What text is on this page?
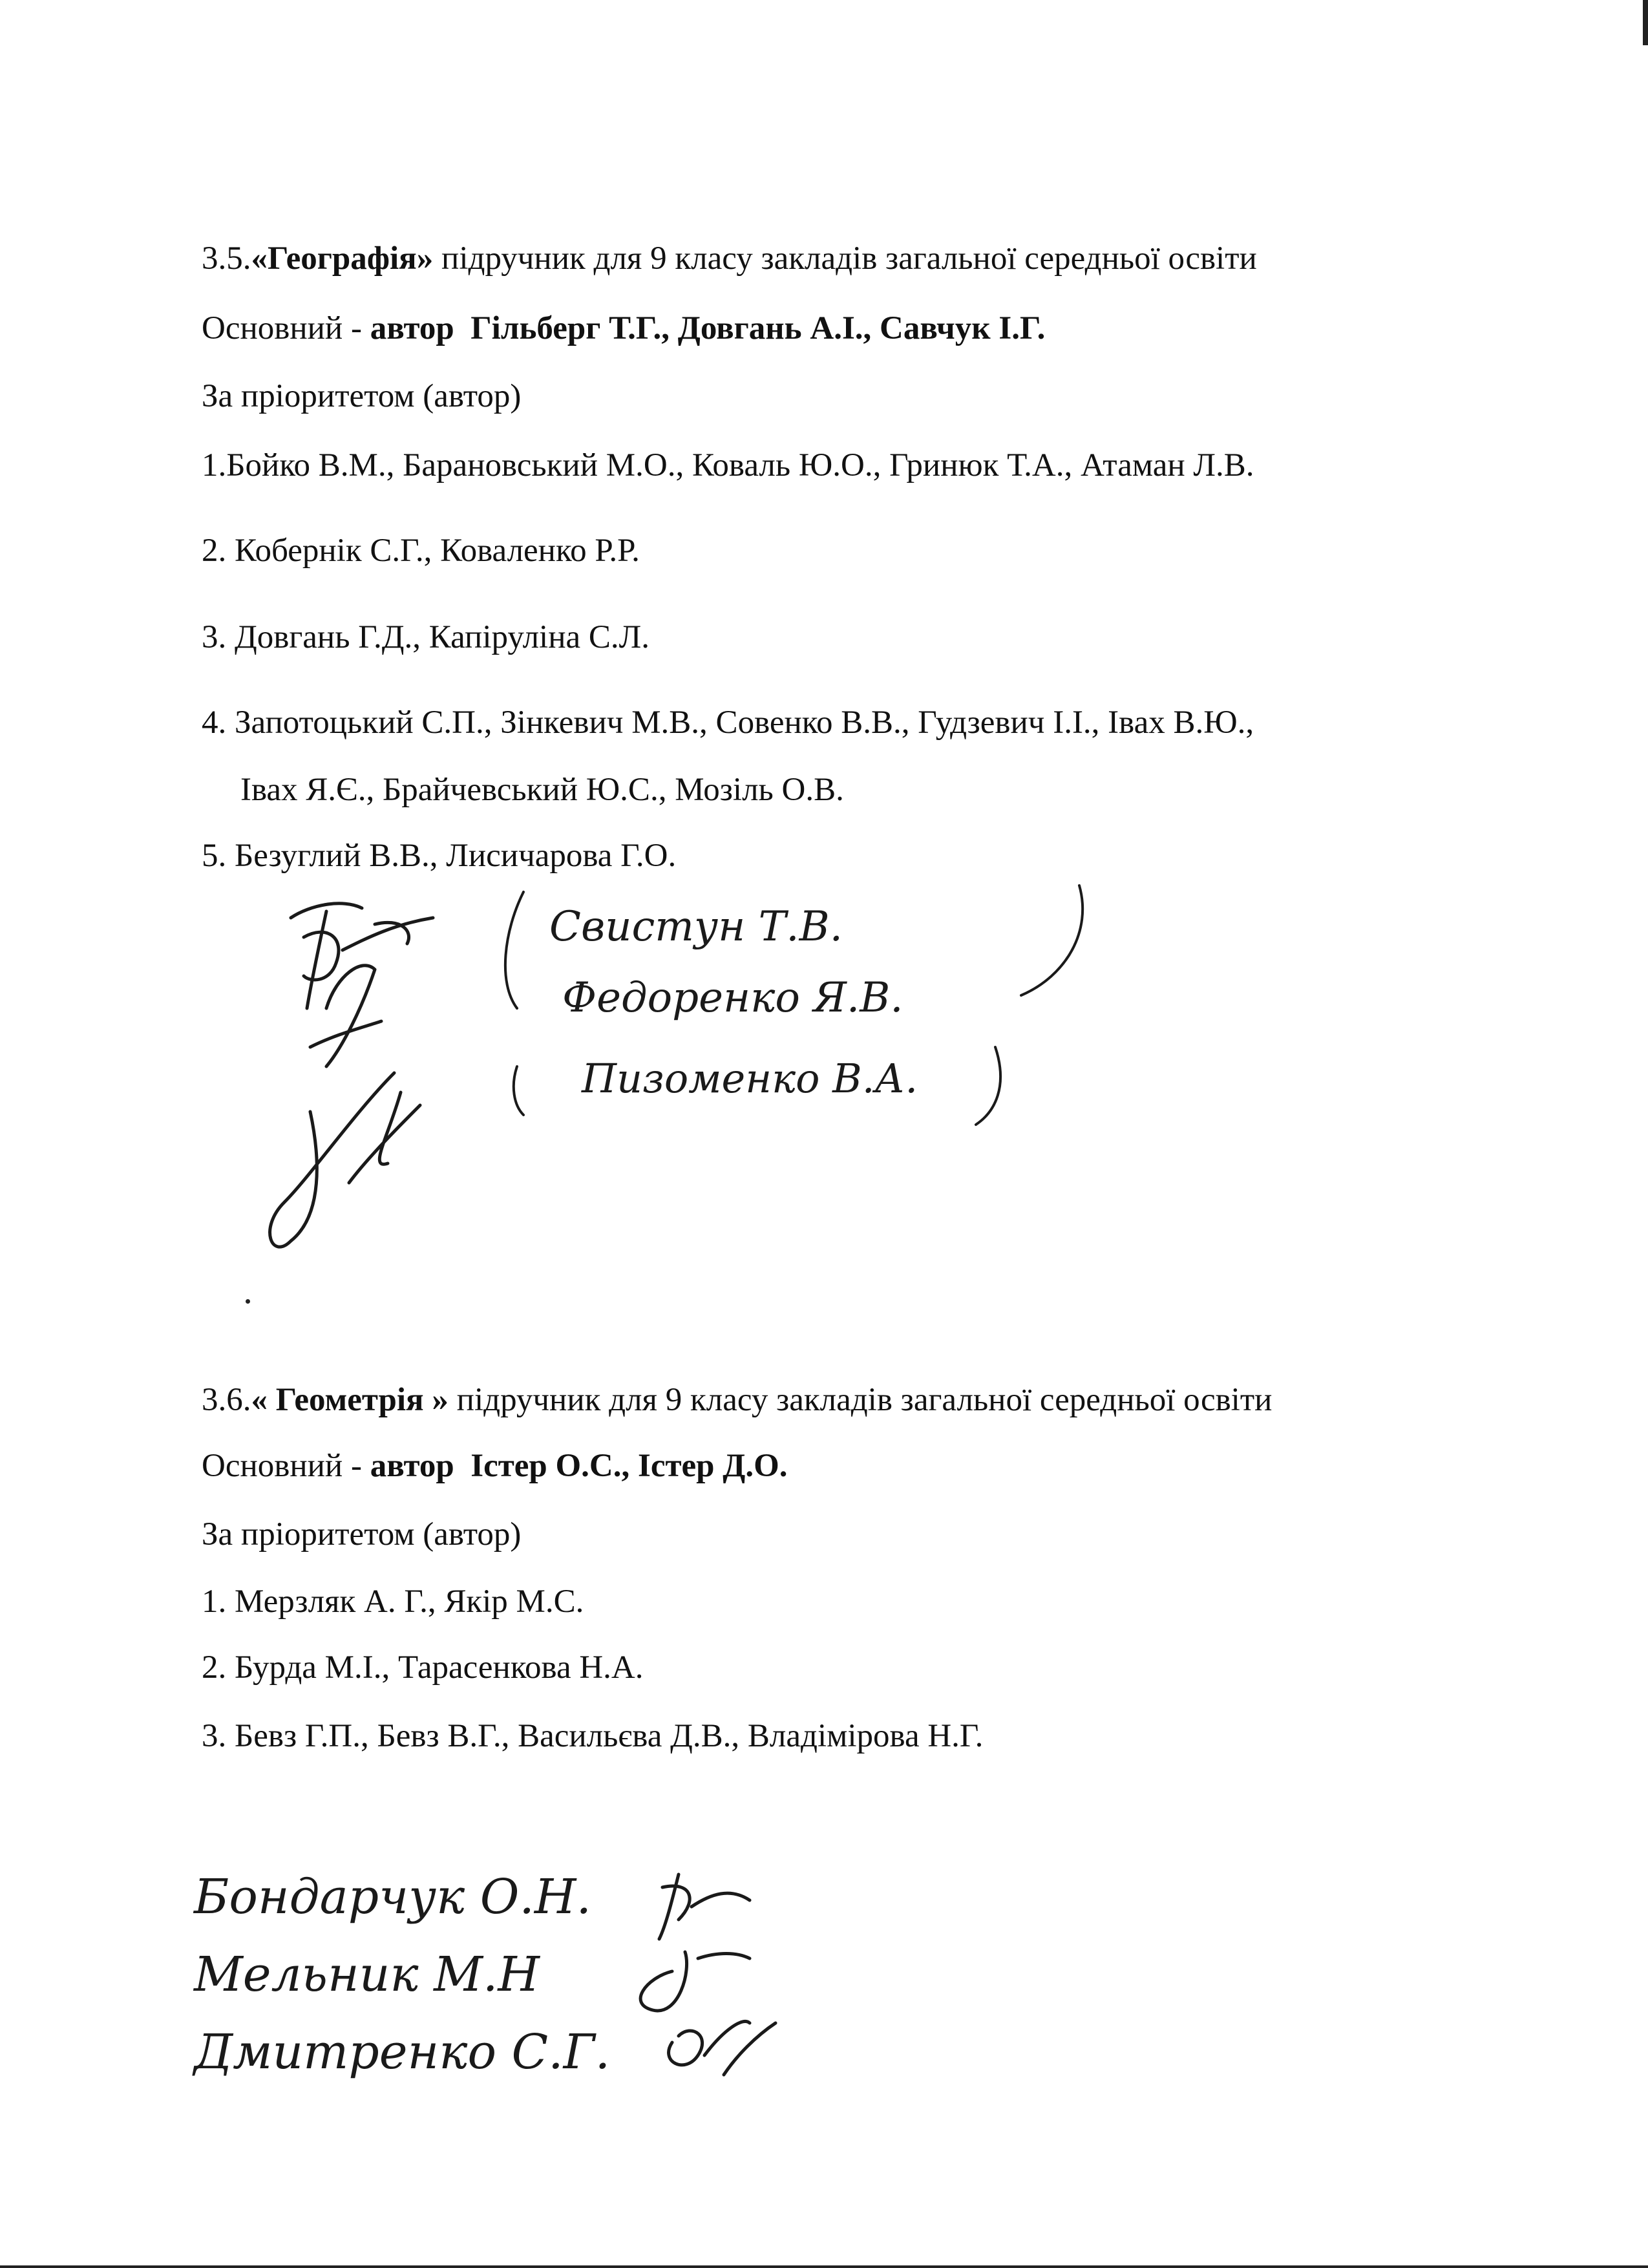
3.5.«Географія» підручник для 9 класу закладів загальної середньої освіти

Основний - автор Гільберг Т.Г., Довгань А.І., Савчук І.Г.

За пріоритетом (автор)

1.Бойко В.М., Барановський М.О., Коваль Ю.О., Гринюк Т.А., Атаман Л.В.

2. Кобернік С.Г., Коваленко Р.Р.

3. Довгань Г.Д., Капіруліна С.Л.

4. Запотоцький С.П., Зінкевич М.В., Совенко В.В., Гудзевич І.І., Івах В.Ю.,

Івах Я.Є., Брайчевський Ю.С., Мозіль О.В.

5. Безуглий В.В., Лисичарова Г.О.

Свистун Т.В.
Федоренко Я.В.
Пизоменко В.А.

3.6.« Геометрія » підручник для 9 класу закладів загальної середньої освіти

Основний - автор Істер О.С., Істер Д.О.

За пріоритетом (автор)

1. Мерзляк А. Г., Якір М.С.

2. Бурда М.І., Тарасенкова Н.А.

3. Бевз Г.П., Бевз В.Г., Васильєва Д.В., Владімірова Н.Г.

Бондарчук О.Н.
Мельник М.Н
Дмитренко С.Г.
